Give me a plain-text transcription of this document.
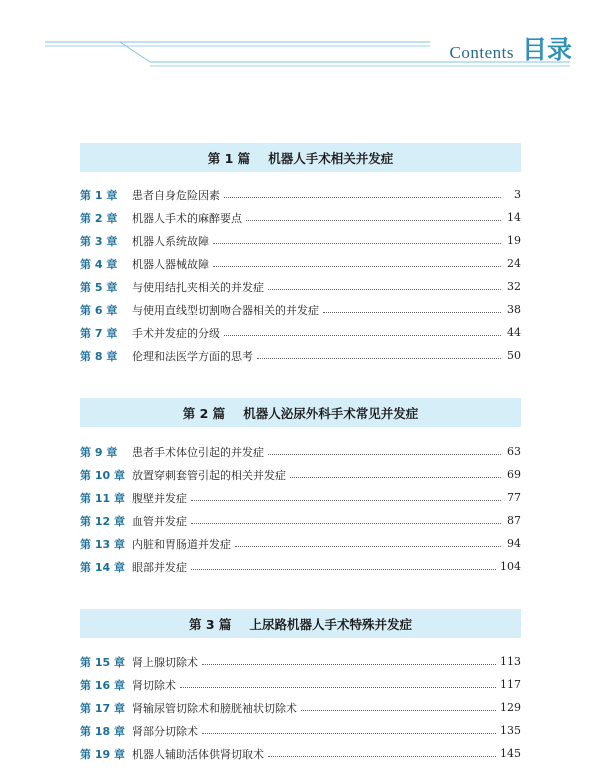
Contents 目录
第 1 篇 机器人手术相关并发症
第 1 章	患者自身危险因素	3
第 2 章	机器人手术的麻醉要点	14
第 3 章	机器人系统故障	19
第 4 章	机器人器械故障	24
第 5 章	与使用结扎夹相关的并发症	32
第 6 章	与使用直线型切割吻合器相关的并发症	38
第 7 章	手术并发症的分级	44
第 8 章	伦理和法医学方面的思考	50
第 2 篇 机器人泌尿外科手术常见并发症
第 9 章	患者手术体位引起的并发症	63
第 10 章 放置穿刺套管引起的相关并发症	69
第 11 章 腹壁并发症	77
第 12 章 血管并发症	87
第 13 章 内脏和胃肠道并发症	94
第 14 章 眼部并发症	104
第 3 篇 上尿路机器人手术特殊并发症
第 15 章 肾上腺切除术	113
第 16 章 肾切除术	117
第 17 章 肾输尿管切除术和膀胱袖状切除术	129
第 18 章 肾部分切除术	135
第 19 章 机器人辅助活体供肾切取术	145
